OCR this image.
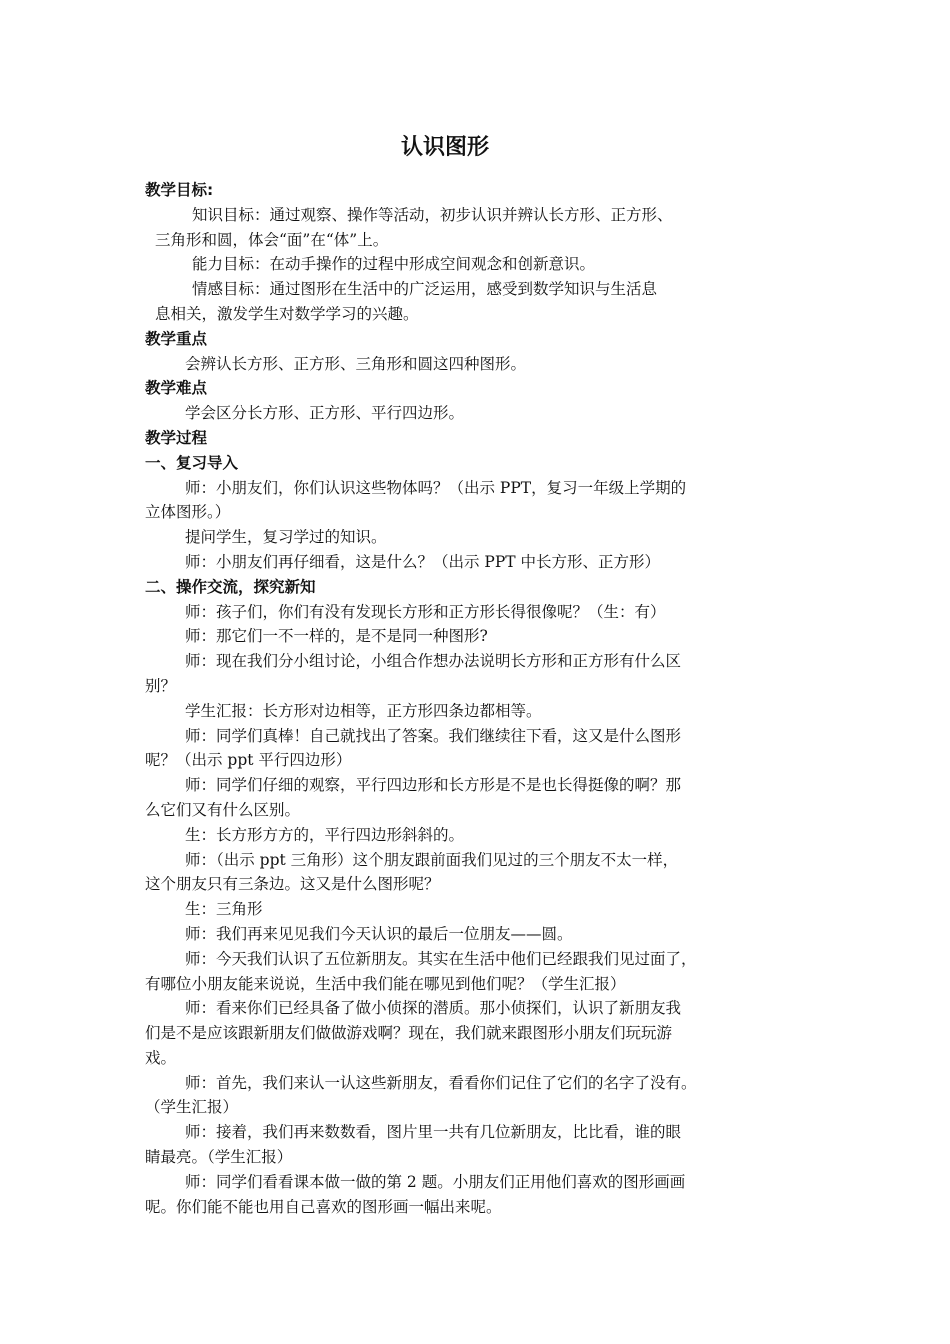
认识图形

教学目标:

知识目标：通过观察、操作等活动，初步认识并辨认长方形、正方形、

三角形和圆，体会“面”在“体”上。

能力目标：在动手操作的过程中形成空间观念和创新意识。

情感目标：通过图形在生活中的广泛运用，感受到数学知识与生活息

息相关，激发学生对数学学习的兴趣。

教学重点

会辨认长方形、正方形、三角形和圆这四种图形。

教学难点

学会区分长方形、正方形、平行四边形。

教学过程

一、复习导入

师：小朋友们，你们认识这些物体吗？（出示 PPT，复习一年级上学期的

立体图形。）

提问学生，复习学过的知识。

师：小朋友们再仔细看，这是什么？（出示 PPT 中长方形、正方形）

二、操作交流，探究新知

师：孩子们，你们有没有发现长方形和正方形长得很像呢？（生：有）

师：那它们一不一样的，是不是同一种图形?

师：现在我们分小组讨论，小组合作想办法说明长方形和正方形有什么区

别？

学生汇报：长方形对边相等，正方形四条边都相等。

师：同学们真棒！自己就找出了答案。我们继续往下看，这又是什么图形

呢？（出示 ppt 平行四边形）

师：同学们仔细的观察，平行四边形和长方形是不是也长得挺像的啊？那

么它们又有什么区别。

生：长方形方方的，平行四边形斜斜的。

师：（出示 ppt 三角形）这个朋友跟前面我们见过的三个朋友不太一样，

这个朋友只有三条边。这又是什么图形呢？

生：三角形

师：我们再来见见我们今天认识的最后一位朋友——圆。

师：今天我们认识了五位新朋友。其实在生活中他们已经跟我们见过面了，

有哪位小朋友能来说说，生活中我们能在哪见到他们呢？（学生汇报）

师：看来你们已经具备了做小侦探的潜质。那小侦探们，认识了新朋友我

们是不是应该跟新朋友们做做游戏啊？现在，我们就来跟图形小朋友们玩玩游

戏。

师：首先，我们来认一认这些新朋友，看看你们记住了它们的名字了没有。

（学生汇报）

师：接着，我们再来数数看，图片里一共有几位新朋友，比比看，谁的眼

睛最亮。（学生汇报）

师：同学们看看课本做一做的第 2 题。小朋友们正用他们喜欢的图形画画

呢。你们能不能也用自己喜欢的图形画一幅出来呢。
